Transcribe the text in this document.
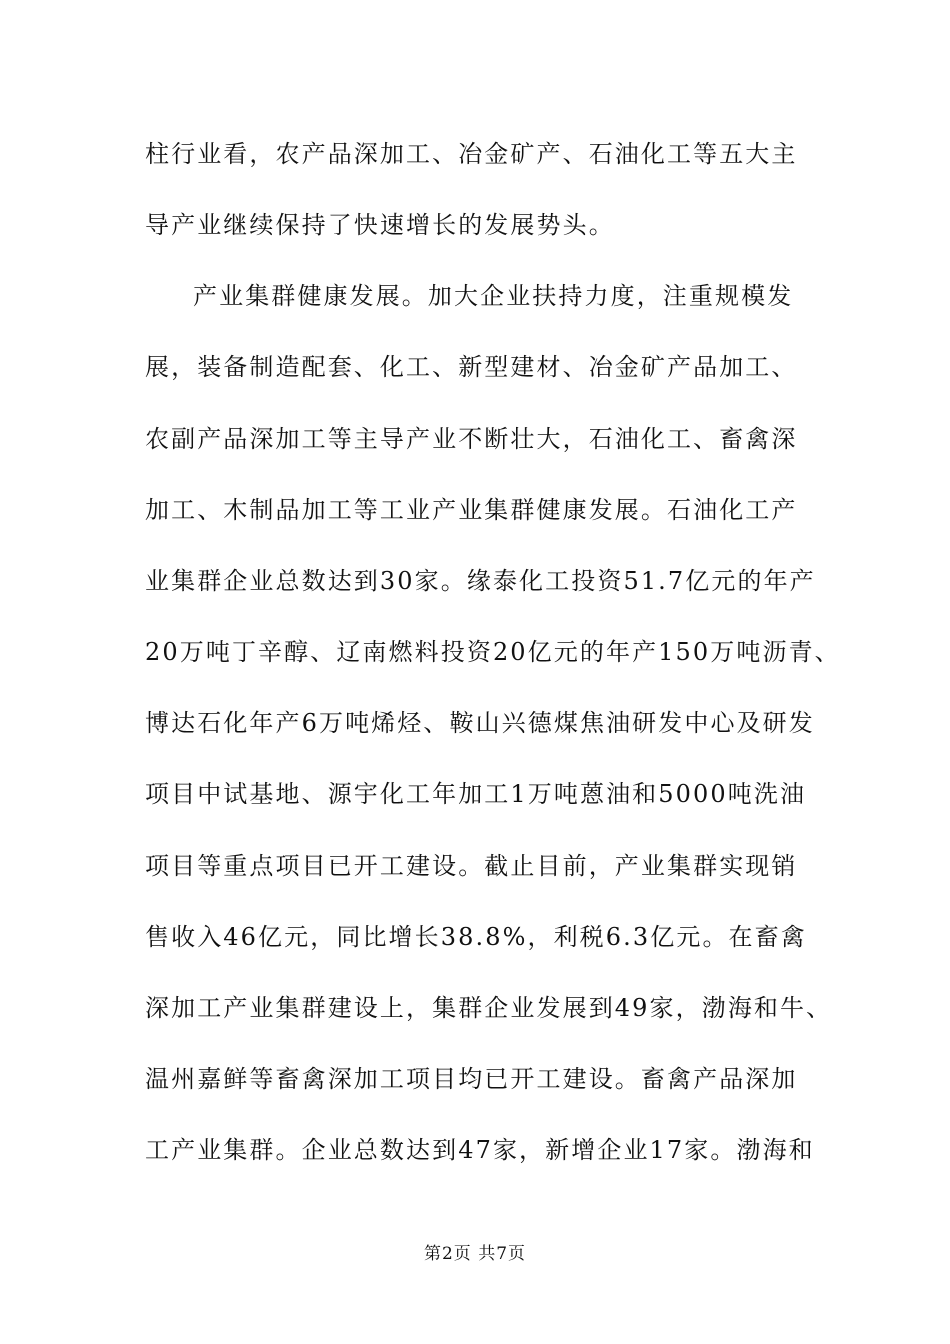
柱行业看，农产品深加工、冶金矿产、石油化工等五大主
导产业继续保持了快速增长的发展势头。
产业集群健康发展。加大企业扶持力度，注重规模发
展，装备制造配套、化工、新型建材、冶金矿产品加工、
农副产品深加工等主导产业不断壮大，石油化工、畜禽深
加工、木制品加工等工业产业集群健康发展。石油化工产
业集群企业总数达到30家。缘泰化工投资51.7亿元的年产
20万吨丁辛醇、辽南燃料投资20亿元的年产150万吨沥青、
博达石化年产6万吨烯烃、鞍山兴德煤焦油研发中心及研发
项目中试基地、源宇化工年加工1万吨蒽油和5000吨洗油
项目等重点项目已开工建设。截止目前，产业集群实现销
售收入46亿元，同比增长38.8%，利税6.3亿元。在畜禽
深加工产业集群建设上，集群企业发展到49家，渤海和牛、
温州嘉鲜等畜禽深加工项目均已开工建设。畜禽产品深加
工产业集群。企业总数达到47家，新增企业17家。渤海和
第2页 共7页
